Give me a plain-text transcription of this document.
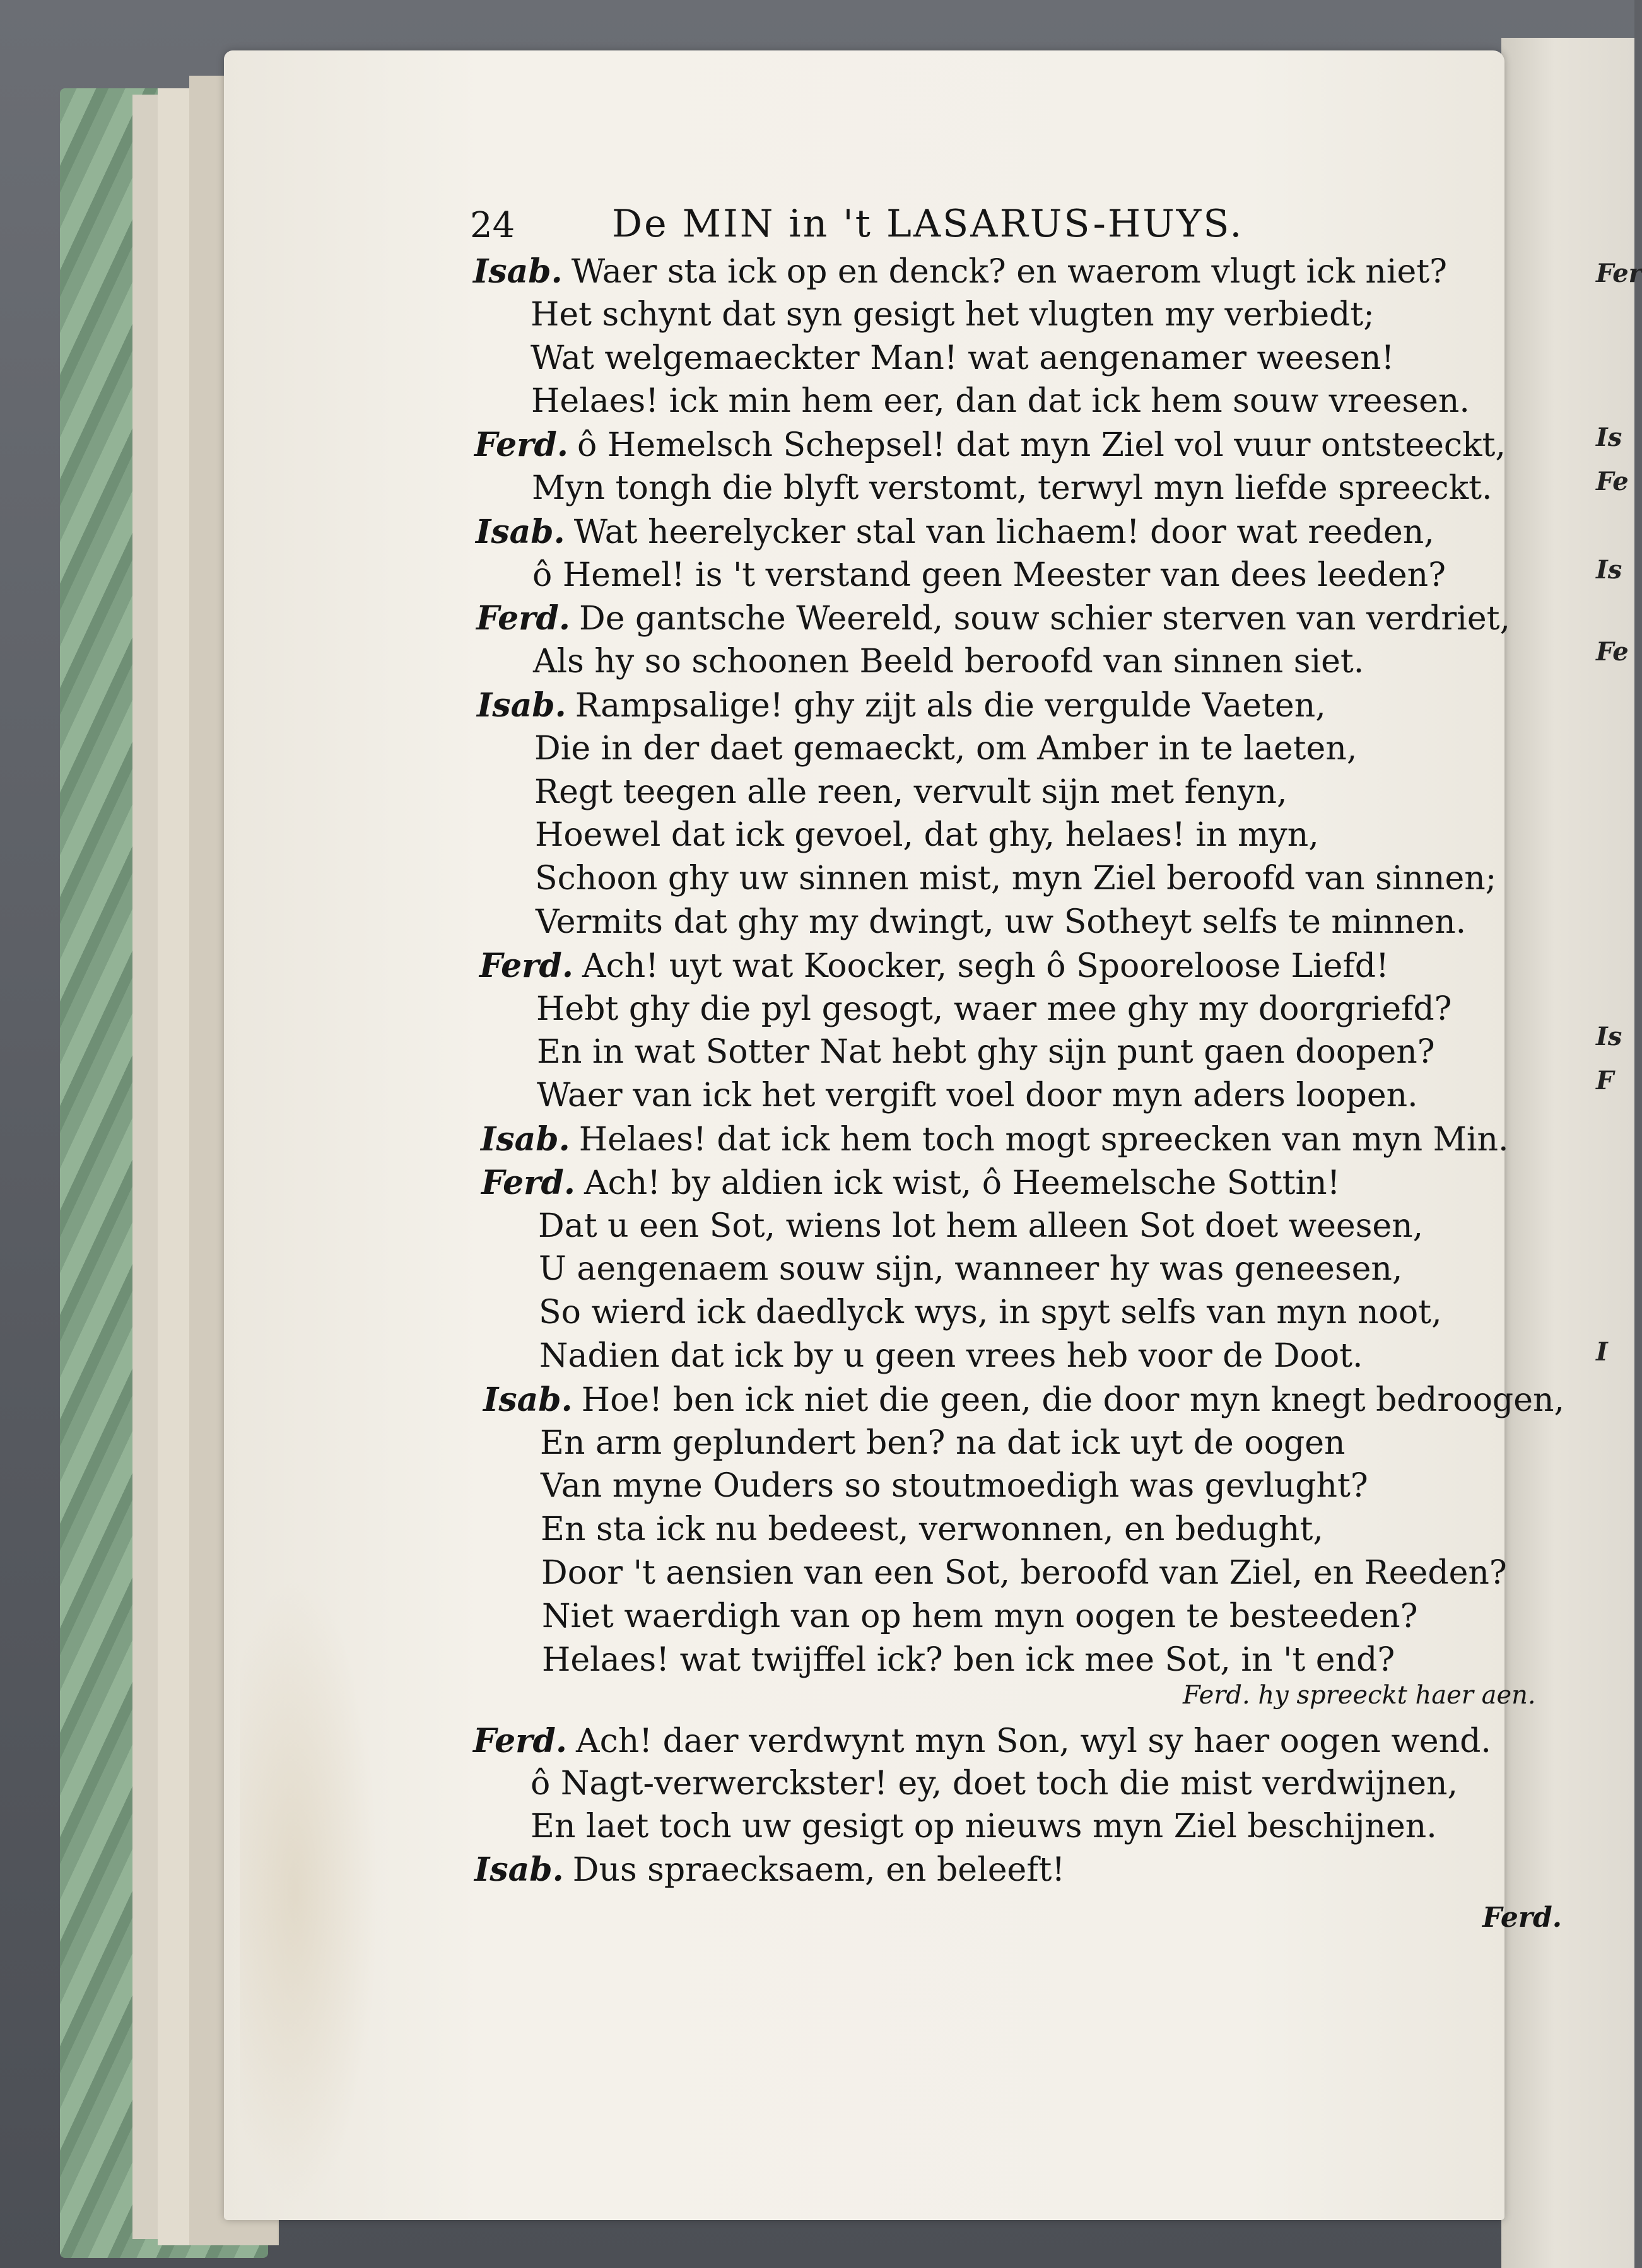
24	De MIN in 't LASARUS-HUYS.
Isab. Waer sta ick op en denck? en waerom vlugt ick niet?
Het schynt dat syn gesigt het vlugten my verbiedt;
Wat welgemaeckter Man! wat aengenamer weesen!
Helaes! ick min hem eer, dan dat ick hem souw vreesen.
Ferd. ô Hemelsch Schepsel! dat myn Ziel vol vuur ontsteeckt,
Myn tongh die blyft verstomt, terwyl myn liefde spreeckt.
Isab. Wat heerelycker stal van lichaem! door wat reeden,
ô Hemel! is 't verstand geen Meester van dees leeden?
Ferd. De gantsche Weereld, souw schier sterven van verdriet,
Als hy so schoonen Beeld beroofd van sinnen siet.
Isab. Rampsalige! ghy zijt als die vergulde Vaeten,
Die in der daet gemaeckt, om Amber in te laeten,
Regt teegen alle reen, vervult sijn met fenyn,
Hoewel dat ick gevoel, dat ghy, helaes! in myn,
Schoon ghy uw sinnen mist, myn Ziel beroofd van sinnen;
Vermits dat ghy my dwingt, uw Sotheyt selfs te minnen.
Ferd. Ach! uyt wat Koocker, segh ô Spooreloose Liefd!
Hebt ghy die pyl gesogt, waer mee ghy my doorgriefd?
En in wat Sotter Nat hebt ghy sijn punt gaen doopen?
Waer van ick het vergift voel door myn aders loopen.
Isab. Helaes! dat ick hem toch mogt spreecken van myn Min.
Ferd. Ach! by aldien ick wist, ô Heemelsche Sottin!
Dat u een Sot, wiens lot hem alleen Sot doet weesen,
U aengenaem souw sijn, wanneer hy was geneesen,
So wierd ick daedlyck wys, in spyt selfs van myn noot,
Nadien dat ick by u geen vrees heb voor de Doot.
Isab. Hoe! ben ick niet die geen, die door myn knegt bedroogen,
En arm geplundert ben? na dat ick uyt de oogen
Van myne Ouders so stoutmoedigh was gevlught?
En sta ick nu bedeest, verwonnen, en bedught,
Door 't aensien van een Sot, beroofd van Ziel, en Reeden?
Niet waerdigh van op hem myn oogen te besteeden?
Helaes! wat twijffel ick? ben ick mee Sot, in 't end?
Ferd. hy spreeckt haer aen.
Ferd. Ach! daer verdwynt myn Son, wyl sy haer oogen wend.
ô Nagt-verwerckster! ey, doet toch die mist verdwijnen,
En laet toch uw gesigt op nieuws myn Ziel beschijnen.
Isab. Dus spraecksaem, en beleeft!
Ferd.
Fer
Is
Fe
Is
Fe
Is
F
I
